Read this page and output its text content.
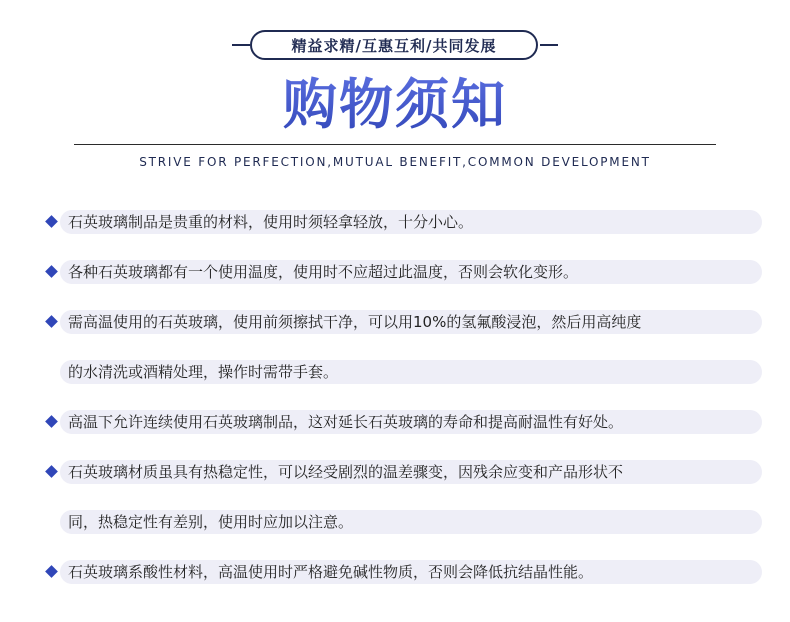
精益求精/互惠互利/共同发展
购物须知
STRIVE FOR PERFECTION,MUTUAL BENEFIT,COMMON DEVELOPMENT
石英玻璃制品是贵重的材料，使用时须轻拿轻放，十分小心。
各种石英玻璃都有一个使用温度，使用时不应超过此温度，否则会软化变形。
需高温使用的石英玻璃，使用前须擦拭干净，可以用10%的氢氟酸浸泡，然后用高纯度
的水清洗或酒精处理，操作时需带手套。
高温下允许连续使用石英玻璃制品，这对延长石英玻璃的寿命和提高耐温性有好处。
石英玻璃材质虽具有热稳定性，可以经受剧烈的温差骤变，因残余应变和产品形状不
同，热稳定性有差别，使用时应加以注意。
石英玻璃系酸性材料，高温使用时严格避免碱性物质，否则会降低抗结晶性能。
